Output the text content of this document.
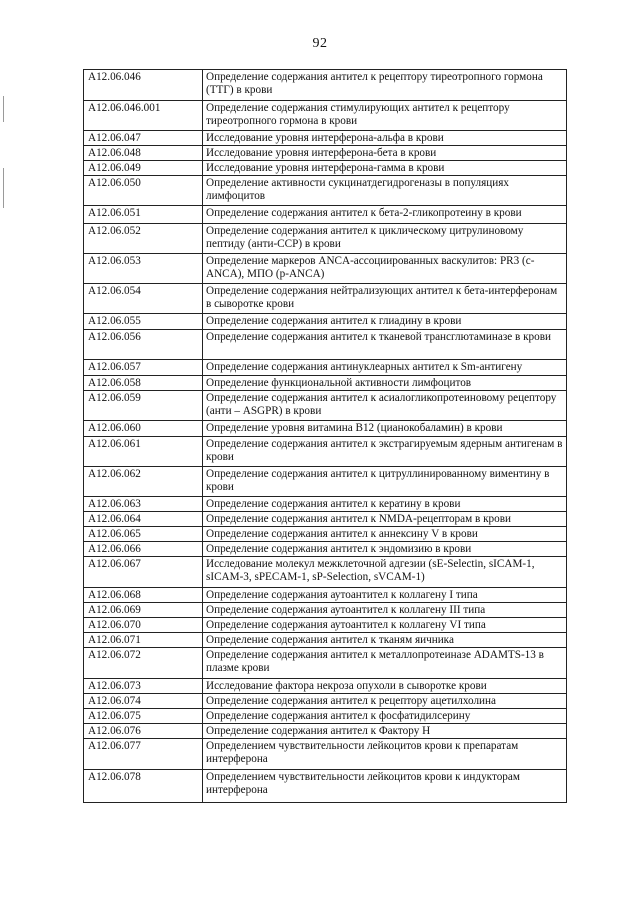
92
A12.06.046	Определение содержания антител к рецептору тиреотропного гормона (ТТГ) в крови
A12.06.046.001	Определение содержания стимулирующих антител к рецептору тиреотропного гормона в крови
A12.06.047	Исследование уровня интерферона-альфа в крови
A12.06.048	Исследование уровня интерферона-бета в крови
A12.06.049	Исследование уровня интерферона-гамма в крови
A12.06.050	Определение активности сукцинатдегидрогеназы в популяциях лимфоцитов
A12.06.051	Определение содержания антител к бета-2-гликопротеину в крови
A12.06.052	Определение содержания антител к циклическому цитрулиновому пептиду (анти-ССР) в крови
A12.06.053	Определение маркеров ANCA-ассоциированных васкулитов: PR3 (c-ANCA), МПО (p-ANCA)
A12.06.054	Определение содержания нейтрализующих антител к бета-интерферонам в сыворотке крови
A12.06.055	Определение содержания антител к глиадину в крови
A12.06.056	Определение содержания антител к тканевой трансглютаминазе в крови
A12.06.057	Определение содержания антинуклеарных антител к Sm-антигену
A12.06.058	Определение функциональной активности лимфоцитов
A12.06.059	Определение содержания антител к асиалогликопротеиновому рецептору (анти – ASGPR) в крови
A12.06.060	Определение уровня витамина В12 (цианокобаламин) в крови
A12.06.061	Определение содержания антител к экстрагируемым ядерным антигенам в крови
A12.06.062	Определение содержания антител к цитруллинированному виментину в крови
A12.06.063	Определение содержания антител к кератину в крови
A12.06.064	Определение содержания антител к NMDA-рецепторам в крови
A12.06.065	Определение содержания антител к аннексину V в крови
A12.06.066	Определение содержания антител к эндомизию в крови
A12.06.067	Исследование молекул межклеточной адгезии (sE-Selectin, sICAM-1, sICAM-3, sPECAM-1, sP-Selection, sVCAM-1)
A12.06.068	Определение содержания аутоантител к коллагену I типа
A12.06.069	Определение содержания аутоантител к коллагену III типа
A12.06.070	Определение содержания аутоантител к коллагену VI типа
A12.06.071	Определение содержания антител к тканям яичника
A12.06.072	Определение содержания антител к металлопротеиназе ADAMTS-13 в плазме крови
A12.06.073	Исследование фактора некроза опухоли в сыворотке крови
A12.06.074	Определение содержания антител к рецептору ацетилхолина
A12.06.075	Определение содержания антител к фосфатидилсерину
A12.06.076	Определение содержания антител к Фактору Н
A12.06.077	Определением чувствительности лейкоцитов крови к препаратам интерферона
A12.06.078	Определением чувствительности лейкоцитов крови к индукторам интерферона
